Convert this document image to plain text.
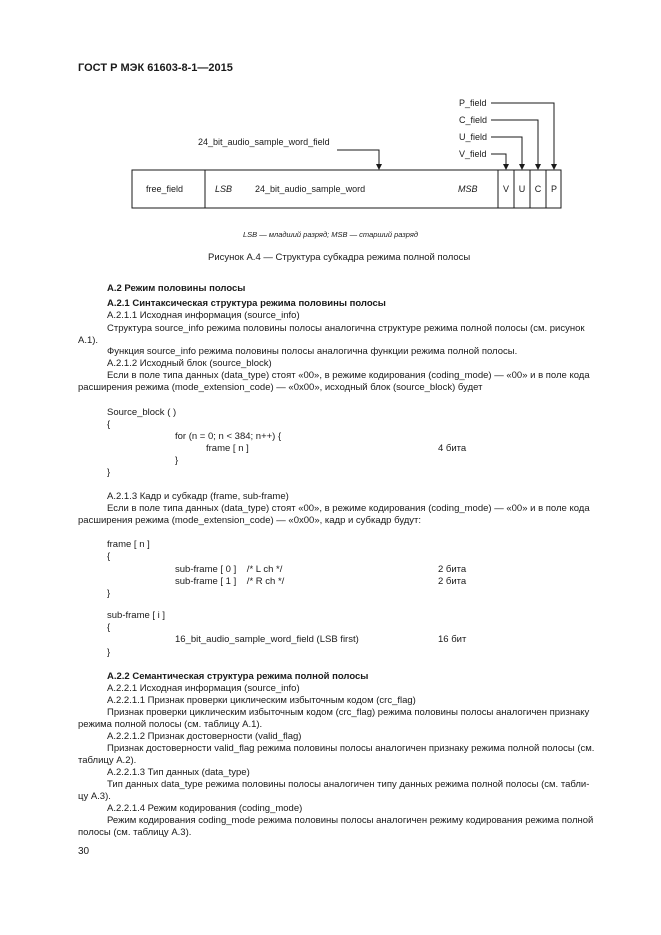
ГОСТ Р МЭК 61603-8-1—2015
24_bit_audio_sample_word_field
P_field
C_field
U_field
V_field
free_field	LSB	24_bit_audio_sample_word	MSB	V U C P
LSB — младший разряд; MSB — старший разряд
Рисунок А.4 — Структура субкадра режима полной полосы
А.2 Режим половины полосы
А.2.1 Синтаксическая структура режима половины полосы
А.2.1.1 Исходная информация (source_info)
Структура source_info режима половины полосы аналогична структуре режима полной полосы (см. рисунок
А.1).
Функция source_info режима половины полосы аналогична функции режима полной полосы.
А.2.1.2 Исходный блок (source_block)
Если в поле типа данных (data_type) стоят «00», в режиме кодирования (coding_mode) — «00» и в поле кода
расширения режима (mode_extension_code) — «0x00», исходный блок (source_block) будет
Source_block ( )
{
for (n = 0; n < 384; n++) {
frame [ n ]	4 бита
}
}
А.2.1.3 Кадр и субкадр (frame, sub-frame)
Если в поле типа данных (data_type) стоят «00», в режиме кодирования (coding_mode) — «00» и в поле кода
расширения режима (mode_extension_code) — «0x00», кадр и субкадр будут:
frame [ n ]
{
sub-frame [ 0 ]    /* L ch */	2 бита
sub-frame [ 1 ]    /* R ch */	2 бита
}
sub-frame [ i ]
{
16_bit_audio_sample_word_field (LSB first)	16 бит
}
А.2.2 Семантическая структура режима полной полосы
А.2.2.1 Исходная информация (source_info)
А.2.2.1.1 Признак проверки циклическим избыточным кодом (crc_flag)
Признак проверки циклическим избыточным кодом (crc_flag) режима половины полосы аналогичен признаку
режима полной полосы (см. таблицу А.1).
А.2.2.1.2 Признак достоверности (valid_flag)
Признак достоверности valid_flag режима половины полосы аналогичен признаку режима полной полосы (см.
таблицу А.2).
А.2.2.1.3 Тип данных (data_type)
Тип данных data_type режима половины полосы аналогичен типу данных режима полной полосы (см. табли-
цу А.3).
А.2.2.1.4 Режим кодирования (coding_mode)
Режим кодирования coding_mode режима половины полосы аналогичен режиму кодирования режима полной
полосы (см. таблицу А.3).
30
